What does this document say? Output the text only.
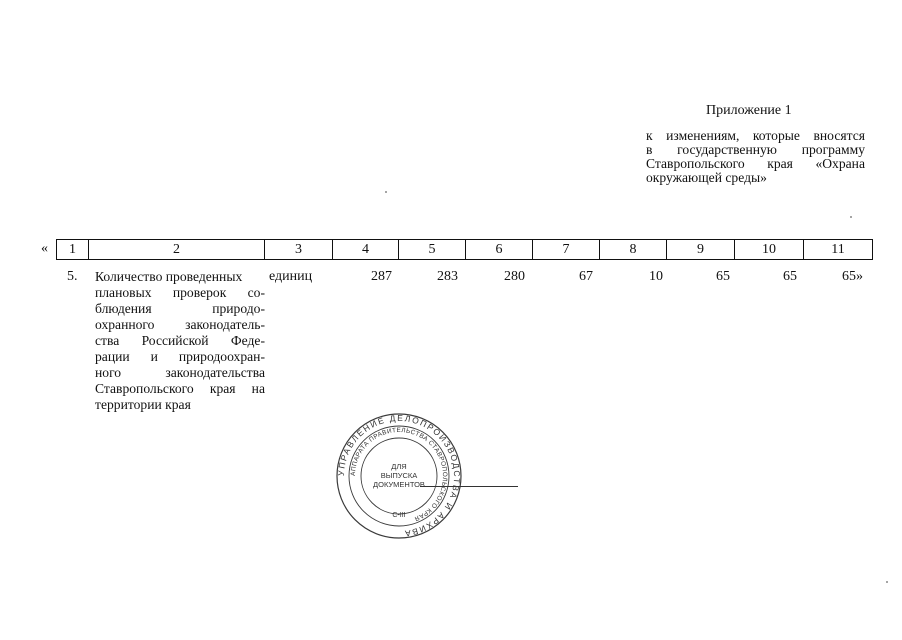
Приложение 1
к изменениям, которые вносятся
в государственную программу
Ставропольского края «Охрана
окружающей среды»
« 1	2	3	4	5	6	7	8	9	10	11
5. Количество проведенных
плановых проверок со-
блюдения природо-
охранного законодатель-
ства Российской Феде-
рации и природоохран-
ного законодательства
Ставропольского края на
территории края
единиц	287	283	280	67	10	65	65	65»
УПРАВЛЕНИЕ ДЕЛОПРОИЗВОДСТВА И АРХИВА
АППАРАТА ПРАВИТЕЛЬСТВА СТАВРОПОЛЬСКОГО КРАЯ
ДЛЯ
ВЫПУСКА
ДОКУМЕНТОВ
С-III
